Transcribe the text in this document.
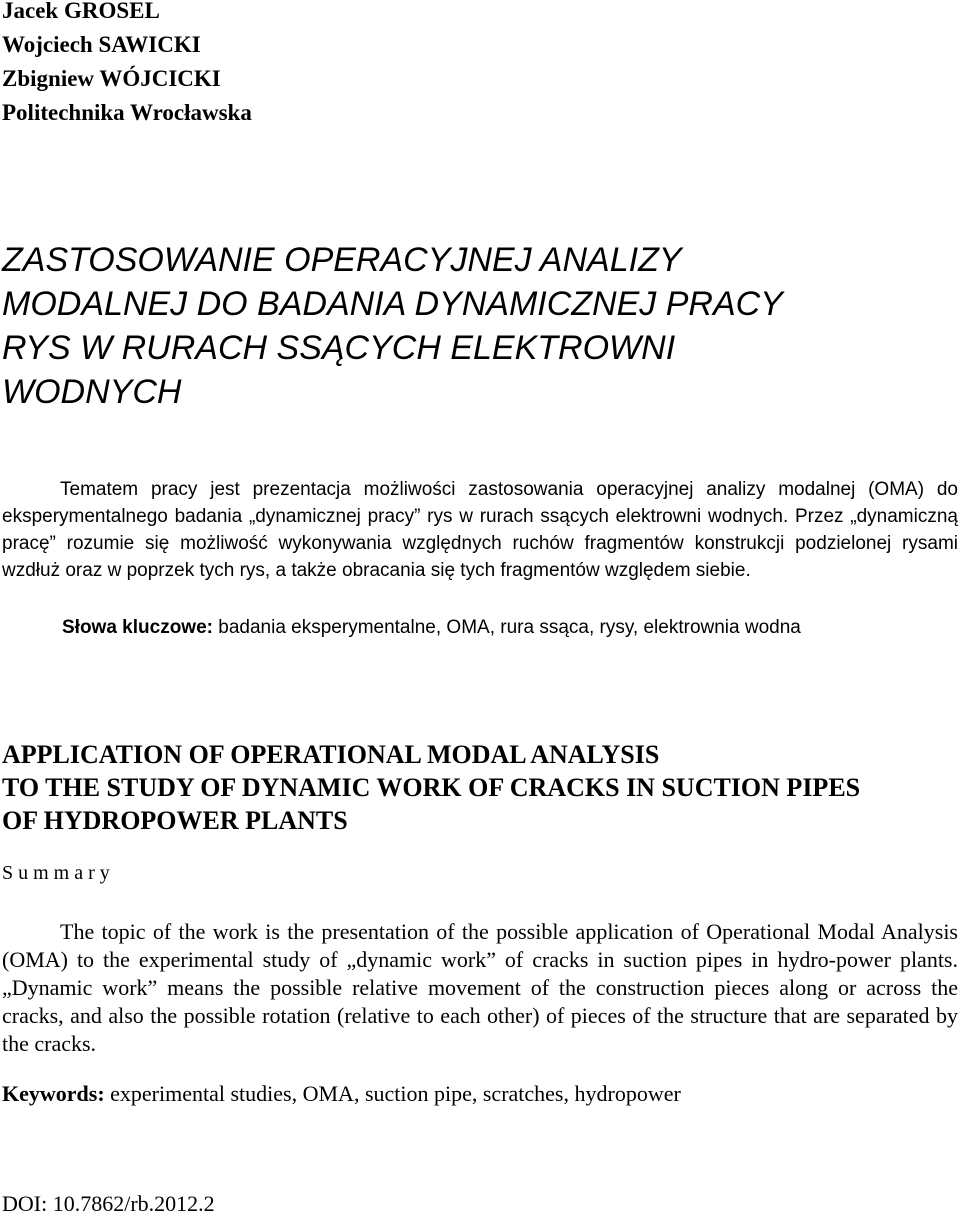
Jacek GROSEL
Wojciech SAWICKI
Zbigniew WÓJCICKI
Politechnika Wrocławska
ZASTOSOWANIE OPERACYJNEJ ANALIZY
MODALNEJ DO BADANIA DYNAMICZNEJ PRACY
RYS W RURACH SSĄCYCH ELEKTROWNI
WODNYCH

Tematem pracy jest prezentacja możliwości zastosowania operacyjnej analizy modalnej (OMA) do eksperymentalnego badania „dynamicznej pracy” rys w rurach ssących elektrowni wodnych. Przez „dynamiczną pracę” rozumie się możliwość wykonywania względnych ruchów fragmentów konstrukcji podzielonej rysami wzdłuż oraz w poprzek tych rys, a także obracania się tych fragmentów względem siebie.

Słowa kluczowe: badania eksperymentalne, OMA, rura ssąca, rysy, elektrownia wodna
APPLICATION OF OPERATIONAL MODAL ANALYSIS
TO THE STUDY OF DYNAMIC WORK OF CRACKS IN SUCTION PIPES
OF HYDROPOWER PLANTS
Summary

The topic of the work is the presentation of the possible application of Operational Modal Analysis (OMA) to the experimental study of „dynamic work” of cracks in suction pipes in hydro-power plants. „Dynamic work” means the possible relative movement of the construction pieces along or across the cracks, and also the possible rotation (relative to each other) of pieces of the structure that are separated by the cracks.

Keywords: experimental studies, OMA, suction pipe, scratches, hydropower
DOI: 10.7862/rb.2012.2
